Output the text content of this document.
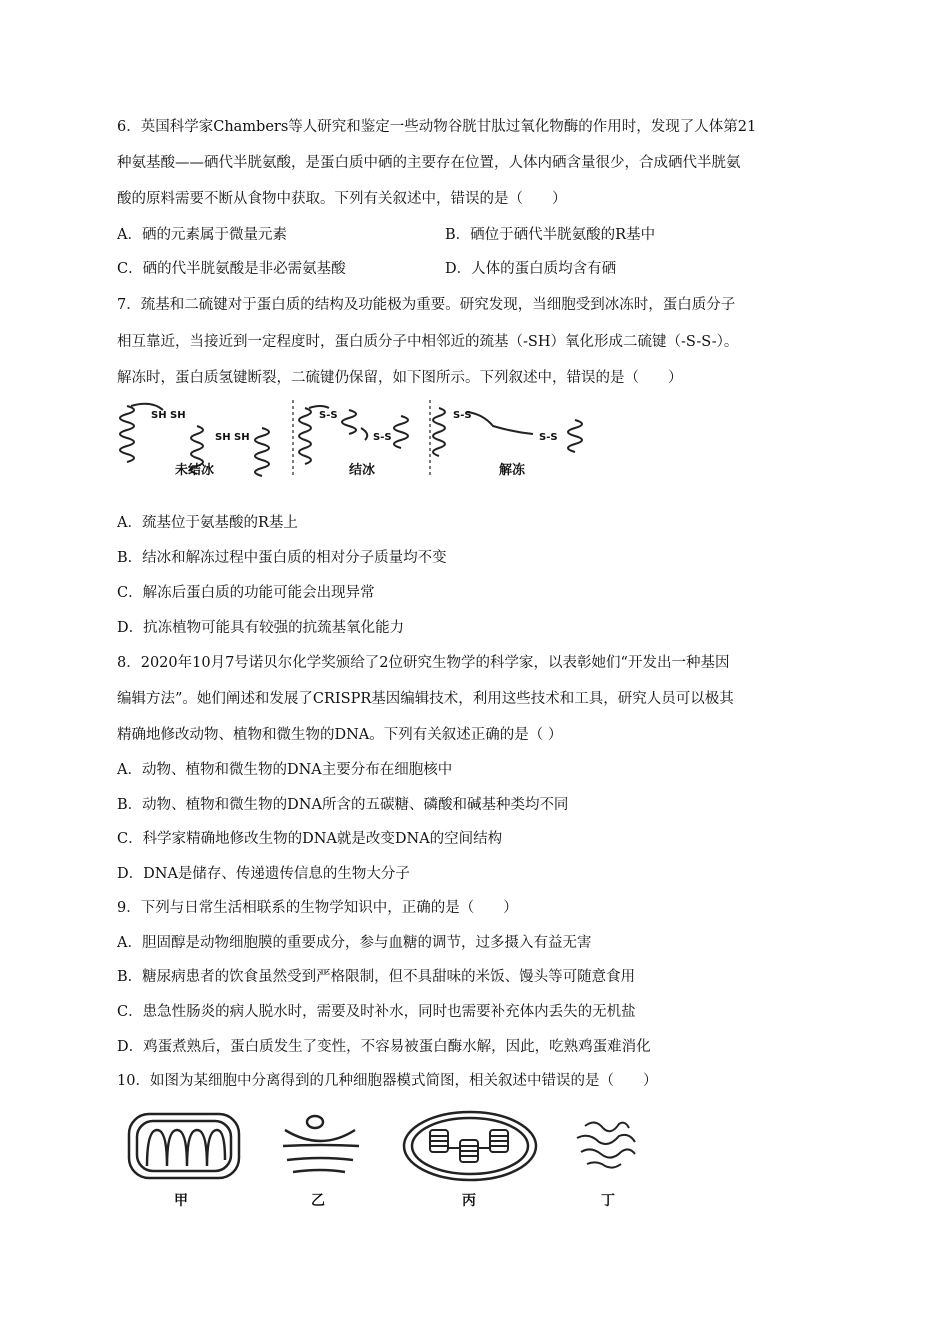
6．英国科学家Chambers等人研究和鉴定一些动物谷胱甘肽过氧化物酶的作用时，发现了人体第21
种氨基酸——硒代半胱氨酸，是蛋白质中硒的主要存在位置，人体内硒含量很少，合成硒代半胱氨
酸的原料需要不断从食物中获取。下列有关叙述中，错误的是（　　）
A．硒的元素属于微量元素	B．硒位于硒代半胱氨酸的R基中
C．硒的代半胱氨酸是非必需氨基酸	D．人体的蛋白质均含有硒
7．巯基和二硫键对于蛋白质的结构及功能极为重要。研究发现，当细胞受到冰冻时，蛋白质分子
相互靠近，当接近到一定程度时，蛋白质分子中相邻近的巯基（-SH）氧化形成二硫键（-S-S-）。
解冻时，蛋白质氢键断裂，二硫键仍保留，如下图所示。下列叙述中，错误的是（　　）
SH SH
SH SH
S-S
S-S
S-S
S-S
未结冰	结冰	解冻
A．巯基位于氨基酸的R基上
B．结冰和解冻过程中蛋白质的相对分子质量均不变
C．解冻后蛋白质的功能可能会出现异常
D．抗冻植物可能具有较强的抗巯基氧化能力
8．2020年10月7号诺贝尔化学奖颁给了2位研究生物学的科学家，以表彰她们“开发出一种基因
编辑方法”。她们阐述和发展了CRISPR基因编辑技术，利用这些技术和工具，研究人员可以极其
精确地修改动物、植物和微生物的DNA。下列有关叙述正确的是（ ）
A．动物、植物和微生物的DNA主要分布在细胞核中
B．动物、植物和微生物的DNA所含的五碳糖、磷酸和碱基种类均不同
C．科学家精确地修改生物的DNA就是改变DNA的空间结构
D．DNA是储存、传递遗传信息的生物大分子
9．下列与日常生活相联系的生物学知识中，正确的是（　　）
A．胆固醇是动物细胞膜的重要成分，参与血糖的调节，过多摄入有益无害
B．糖尿病患者的饮食虽然受到严格限制，但不具甜味的米饭、馒头等可随意食用
C．患急性肠炎的病人脱水时，需要及时补水，同时也需要补充体内丢失的无机盐
D．鸡蛋煮熟后，蛋白质发生了变性，不容易被蛋白酶水解，因此，吃熟鸡蛋难消化
10．如图为某细胞中分离得到的几种细胞器模式简图，相关叙述中错误的是（　　）
甲	乙	丙	丁
